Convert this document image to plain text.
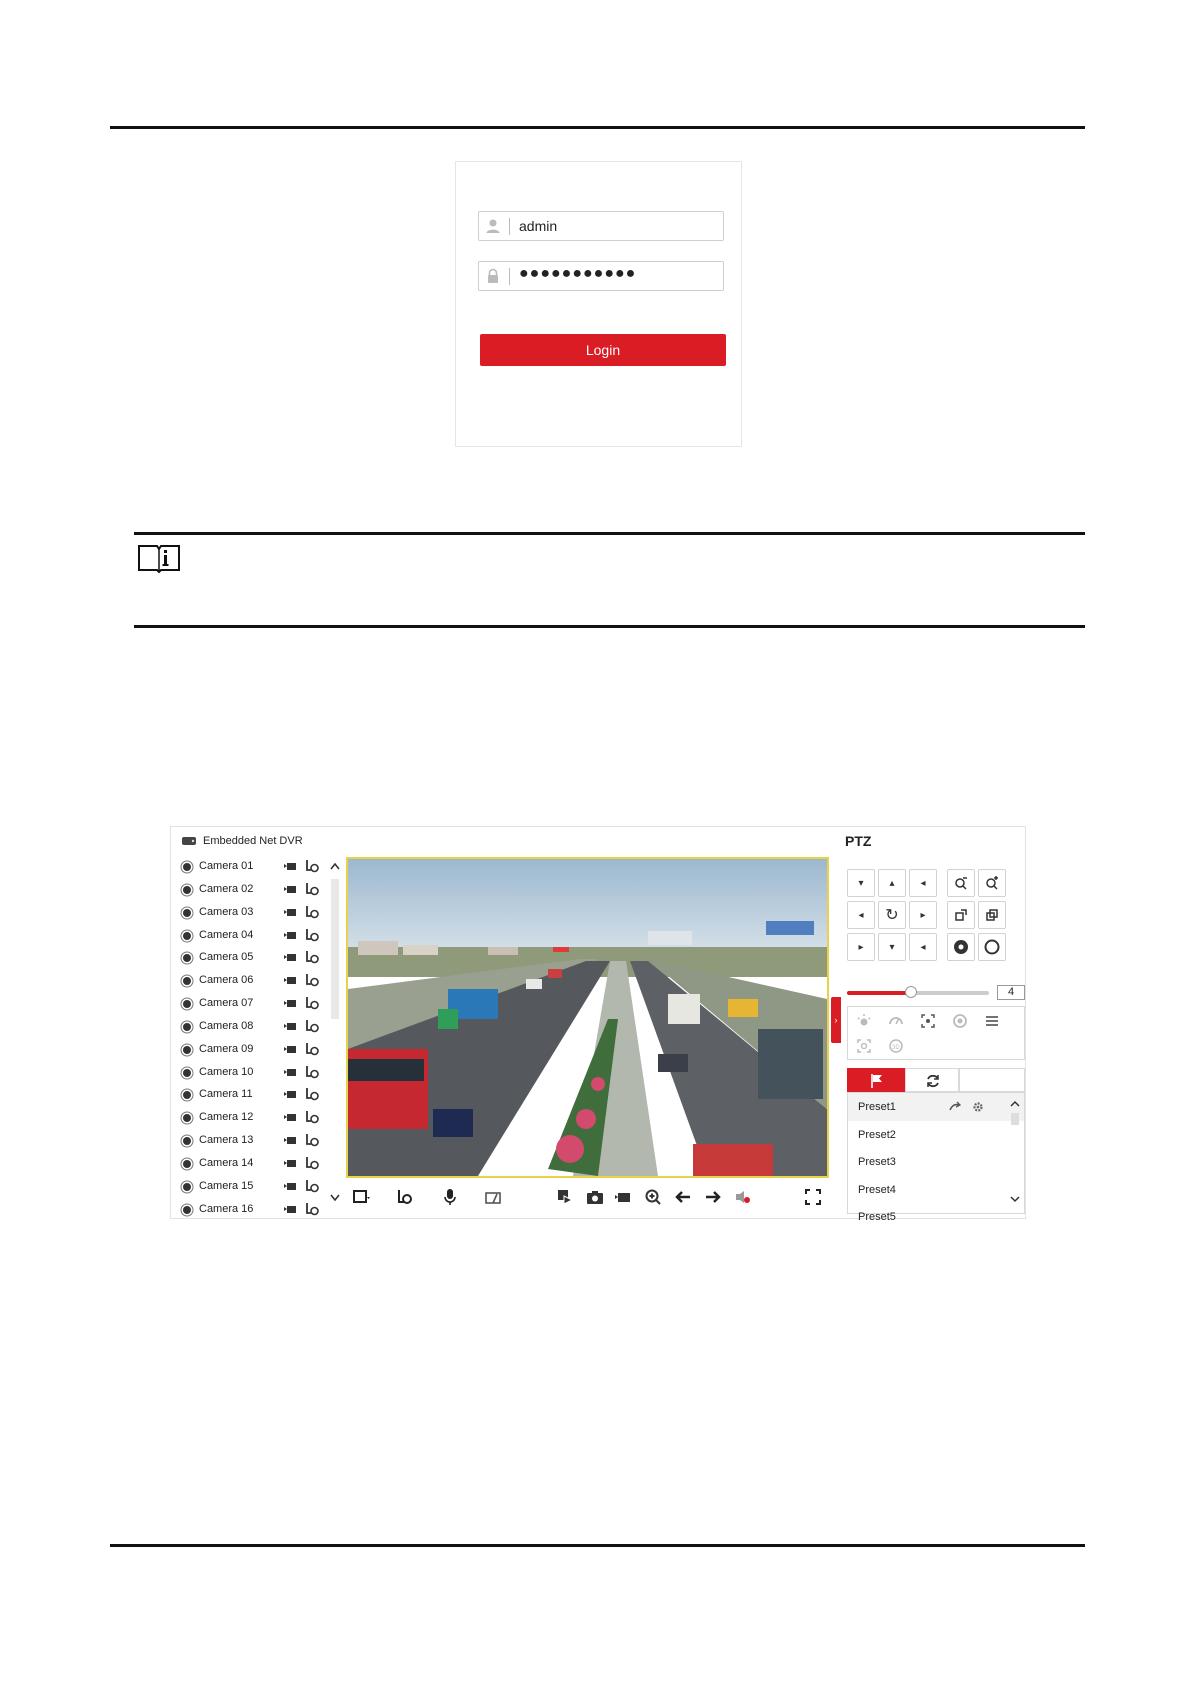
admin
●●●●●●●●●●●
Login
Embedded Net DVR
Camera 01
Camera 02
Camera 03
Camera 04
Camera 05
Camera 06
Camera 07
Camera 08
Camera 09
Camera 10
Camera 11
Camera 12
Camera 13
Camera 14
Camera 15
Camera 16
›
PTZ
▾	▴	◂
◂	↻	▸
▸	▾	◂
4
3D
Preset1
Preset2
Preset3
Preset4
Preset5
